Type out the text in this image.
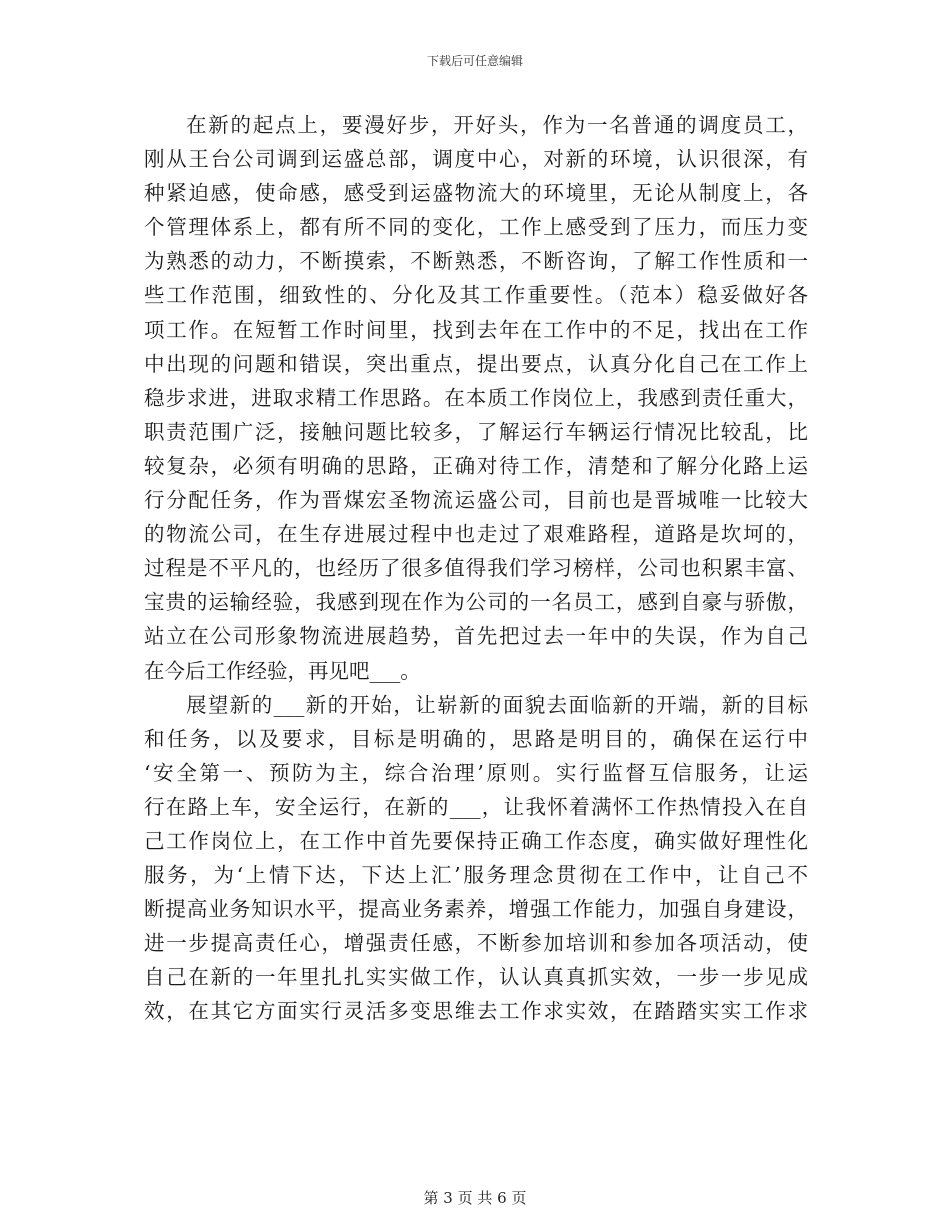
下载后可任意编辑
在新的起点上，要漫好步，开好头，作为一名普通的调度员工，
刚从王台公司调到运盛总部，调度中心，对新的环境，认识很深，有
种紧迫感，使命感，感受到运盛物流大的环境里，无论从制度上，各
个管理体系上，都有所不同的变化，工作上感受到了压力，而压力变
为熟悉的动力，不断摸索，不断熟悉，不断咨询，了解工作性质和一
些工作范围，细致性的、分化及其工作重要性。（范本）稳妥做好各
项工作。在短暂工作时间里，找到去年在工作中的不足，找出在工作
中出现的问题和错误，突出重点，提出要点，认真分化自己在工作上
稳步求进，进取求精工作思路。在本质工作岗位上，我感到责任重大，
职责范围广泛，接触问题比较多，了解运行车辆运行情况比较乱，比
较复杂，必须有明确的思路，正确对待工作，清楚和了解分化路上运
行分配任务，作为晋煤宏圣物流运盛公司，目前也是晋城唯一比较大
的物流公司，在生存进展过程中也走过了艰难路程，道路是坎坷的，
过程是不平凡的，也经历了很多值得我们学习榜样，公司也积累丰富、
宝贵的运输经验，我感到现在作为公司的一名员工，感到自豪与骄傲，
站立在公司形象物流进展趋势，首先把过去一年中的失误，作为自己
在今后工作经验，再见吧___。
展望新的___新的开始，让崭新的面貌去面临新的开端，新的目标
和任务，以及要求，目标是明确的，思路是明目的，确保在运行中
‘安全第一、预防为主，综合治理’原则。实行监督互信服务，让运
行在路上车，安全运行，在新的___，让我怀着满怀工作热情投入在自
己工作岗位上，在工作中首先要保持正确工作态度，确实做好理性化
服务，为‘上情下达，下达上汇’服务理念贯彻在工作中，让自己不
断提高业务知识水平，提高业务素养，增强工作能力，加强自身建设，
进一步提高责任心，增强责任感，不断参加培训和参加各项活动，使
自己在新的一年里扎扎实实做工作，认认真真抓实效，一步一步见成
效，在其它方面实行灵活多变思维去工作求实效，在踏踏实实工作求
第 3 页 共 6 页
